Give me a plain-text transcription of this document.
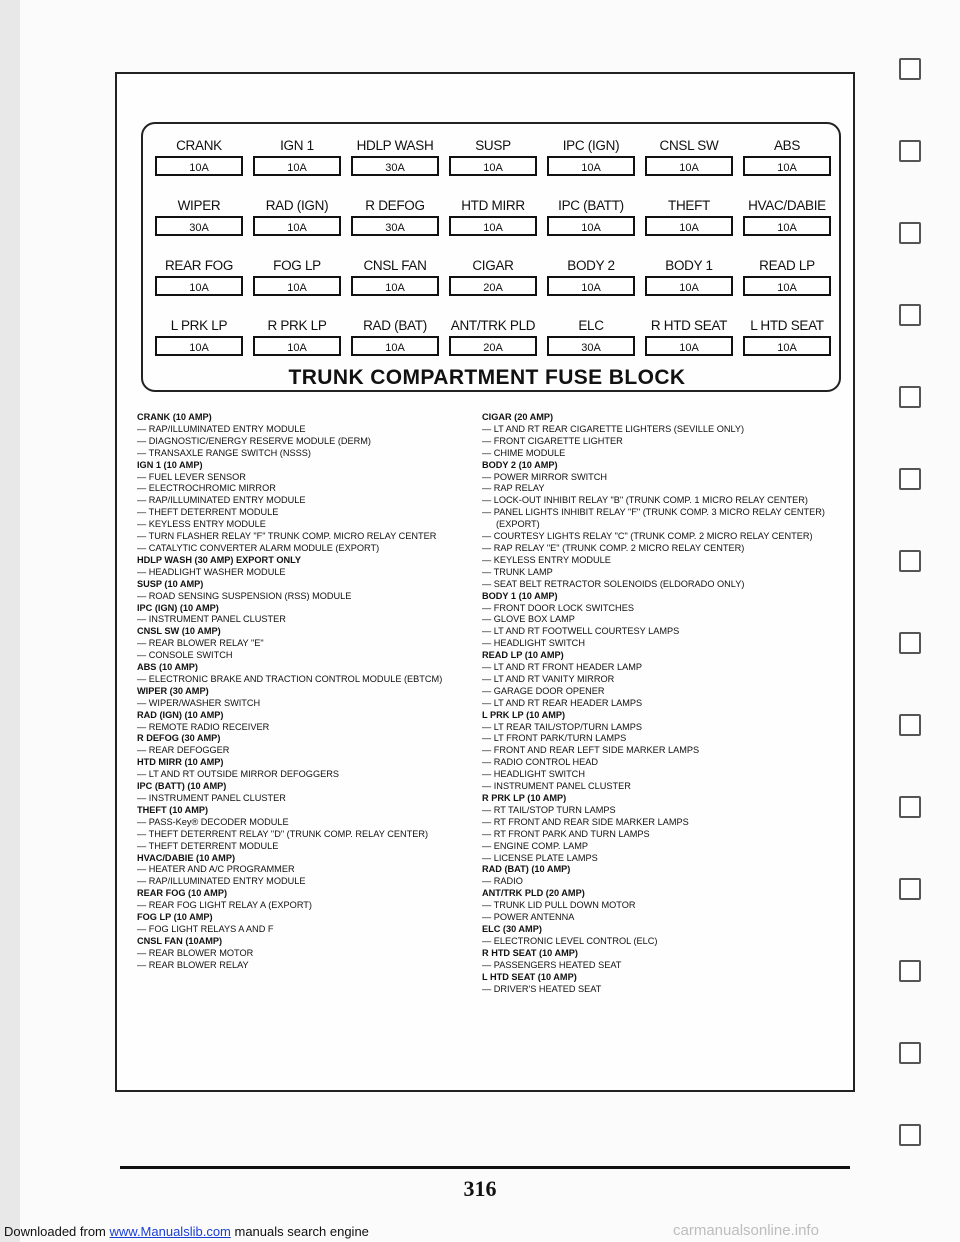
CRANK
10A
IGN 1
10A
HDLP WASH
30A
SUSP
10A
IPC (IGN)
10A
CNSL SW
10A
ABS
10A
WIPER
30A
RAD (IGN)
10A
R DEFOG
30A
HTD MIRR
10A
IPC (BATT)
10A
THEFT
10A
HVAC/DABIE
10A
REAR FOG
10A
FOG LP
10A
CNSL FAN
10A
CIGAR
20A
BODY 2
10A
BODY 1
10A
READ LP
10A
L PRK LP
10A
R PRK LP
10A
RAD (BAT)
10A
ANT/TRK PLD
20A
ELC
30A
R HTD SEAT
10A
L HTD SEAT
10A
TRUNK COMPARTMENT FUSE BLOCK
CRANK (10 AMP)
— RAP/ILLUMINATED ENTRY MODULE
— DIAGNOSTIC/ENERGY RESERVE MODULE (DERM)
— TRANSAXLE RANGE SWITCH (NSSS)
IGN 1 (10 AMP)
— FUEL LEVER SENSOR
— ELECTROCHROMIC MIRROR
— RAP/ILLUMINATED ENTRY MODULE
— THEFT DETERRENT MODULE
— KEYLESS ENTRY MODULE
— TURN FLASHER RELAY "F" TRUNK COMP. MICRO RELAY CENTER
— CATALYTIC CONVERTER ALARM MODULE (EXPORT)
HDLP WASH (30 AMP) EXPORT ONLY
— HEADLIGHT WASHER MODULE
SUSP (10 AMP)
— ROAD SENSING SUSPENSION (RSS) MODULE
IPC (IGN) (10 AMP)
— INSTRUMENT PANEL CLUSTER
CNSL SW (10 AMP)
— REAR BLOWER RELAY "E"
— CONSOLE SWITCH
ABS (10 AMP)
— ELECTRONIC BRAKE AND TRACTION CONTROL MODULE (EBTCM)
WIPER (30 AMP)
— WIPER/WASHER SWITCH
RAD (IGN) (10 AMP)
— REMOTE RADIO RECEIVER
R DEFOG (30 AMP)
— REAR DEFOGGER
HTD MIRR (10 AMP)
— LT AND RT OUTSIDE MIRROR DEFOGGERS
IPC (BATT) (10 AMP)
— INSTRUMENT PANEL CLUSTER
THEFT (10 AMP)
— PASS-Key® DECODER MODULE
— THEFT DETERRENT RELAY "D" (TRUNK COMP. RELAY CENTER)
— THEFT DETERRENT MODULE
HVAC/DABIE (10 AMP)
— HEATER AND A/C PROGRAMMER
— RAP/ILLUMINATED ENTRY MODULE
REAR FOG (10 AMP)
— REAR FOG LIGHT RELAY A (EXPORT)
FOG LP (10 AMP)
— FOG LIGHT RELAYS A AND F
CNSL FAN (10AMP)
— REAR BLOWER MOTOR
— REAR BLOWER RELAY
CIGAR (20 AMP)
— LT AND RT REAR CIGARETTE LIGHTERS (SEVILLE ONLY)
— FRONT CIGARETTE LIGHTER
— CHIME MODULE
BODY 2 (10 AMP)
— POWER MIRROR SWITCH
— RAP RELAY
— LOCK-OUT INHIBIT RELAY "B" (TRUNK COMP. 1 MICRO RELAY CENTER)
— PANEL LIGHTS INHIBIT RELAY "F" (TRUNK COMP. 3 MICRO RELAY CENTER) (EXPORT)
— COURTESY LIGHTS RELAY "C" (TRUNK COMP. 2 MICRO RELAY CENTER)
— RAP RELAY "E" (TRUNK COMP. 2 MICRO RELAY CENTER)
— KEYLESS ENTRY MODULE
— TRUNK LAMP
— SEAT BELT RETRACTOR SOLENOIDS (ELDORADO ONLY)
BODY 1 (10 AMP)
— FRONT DOOR LOCK SWITCHES
— GLOVE BOX LAMP
— LT AND RT FOOTWELL COURTESY LAMPS
— HEADLIGHT SWITCH
READ LP (10 AMP)
— LT AND RT FRONT HEADER LAMP
— LT AND RT VANITY MIRROR
— GARAGE DOOR OPENER
— LT AND RT REAR HEADER LAMPS
L PRK LP (10 AMP)
— LT REAR TAIL/STOP/TURN LAMPS
— LT FRONT PARK/TURN LAMPS
— FRONT AND REAR LEFT SIDE MARKER LAMPS
— RADIO CONTROL HEAD
— HEADLIGHT SWITCH
— INSTRUMENT PANEL CLUSTER
R PRK LP (10 AMP)
— RT TAIL/STOP TURN LAMPS
— RT FRONT AND REAR SIDE MARKER LAMPS
— RT FRONT PARK AND TURN LAMPS
— ENGINE COMP. LAMP
— LICENSE PLATE LAMPS
RAD (BAT) (10 AMP)
— RADIO
ANT/TRK PLD (20 AMP)
— TRUNK LID PULL DOWN MOTOR
— POWER ANTENNA
ELC (30 AMP)
— ELECTRONIC LEVEL CONTROL (ELC)
R HTD SEAT (10 AMP)
— PASSENGERS HEATED SEAT
L HTD SEAT (10 AMP)
— DRIVER'S HEATED SEAT
316
Downloaded from www.Manualslib.com manuals search engine	carmanualsonline.info
